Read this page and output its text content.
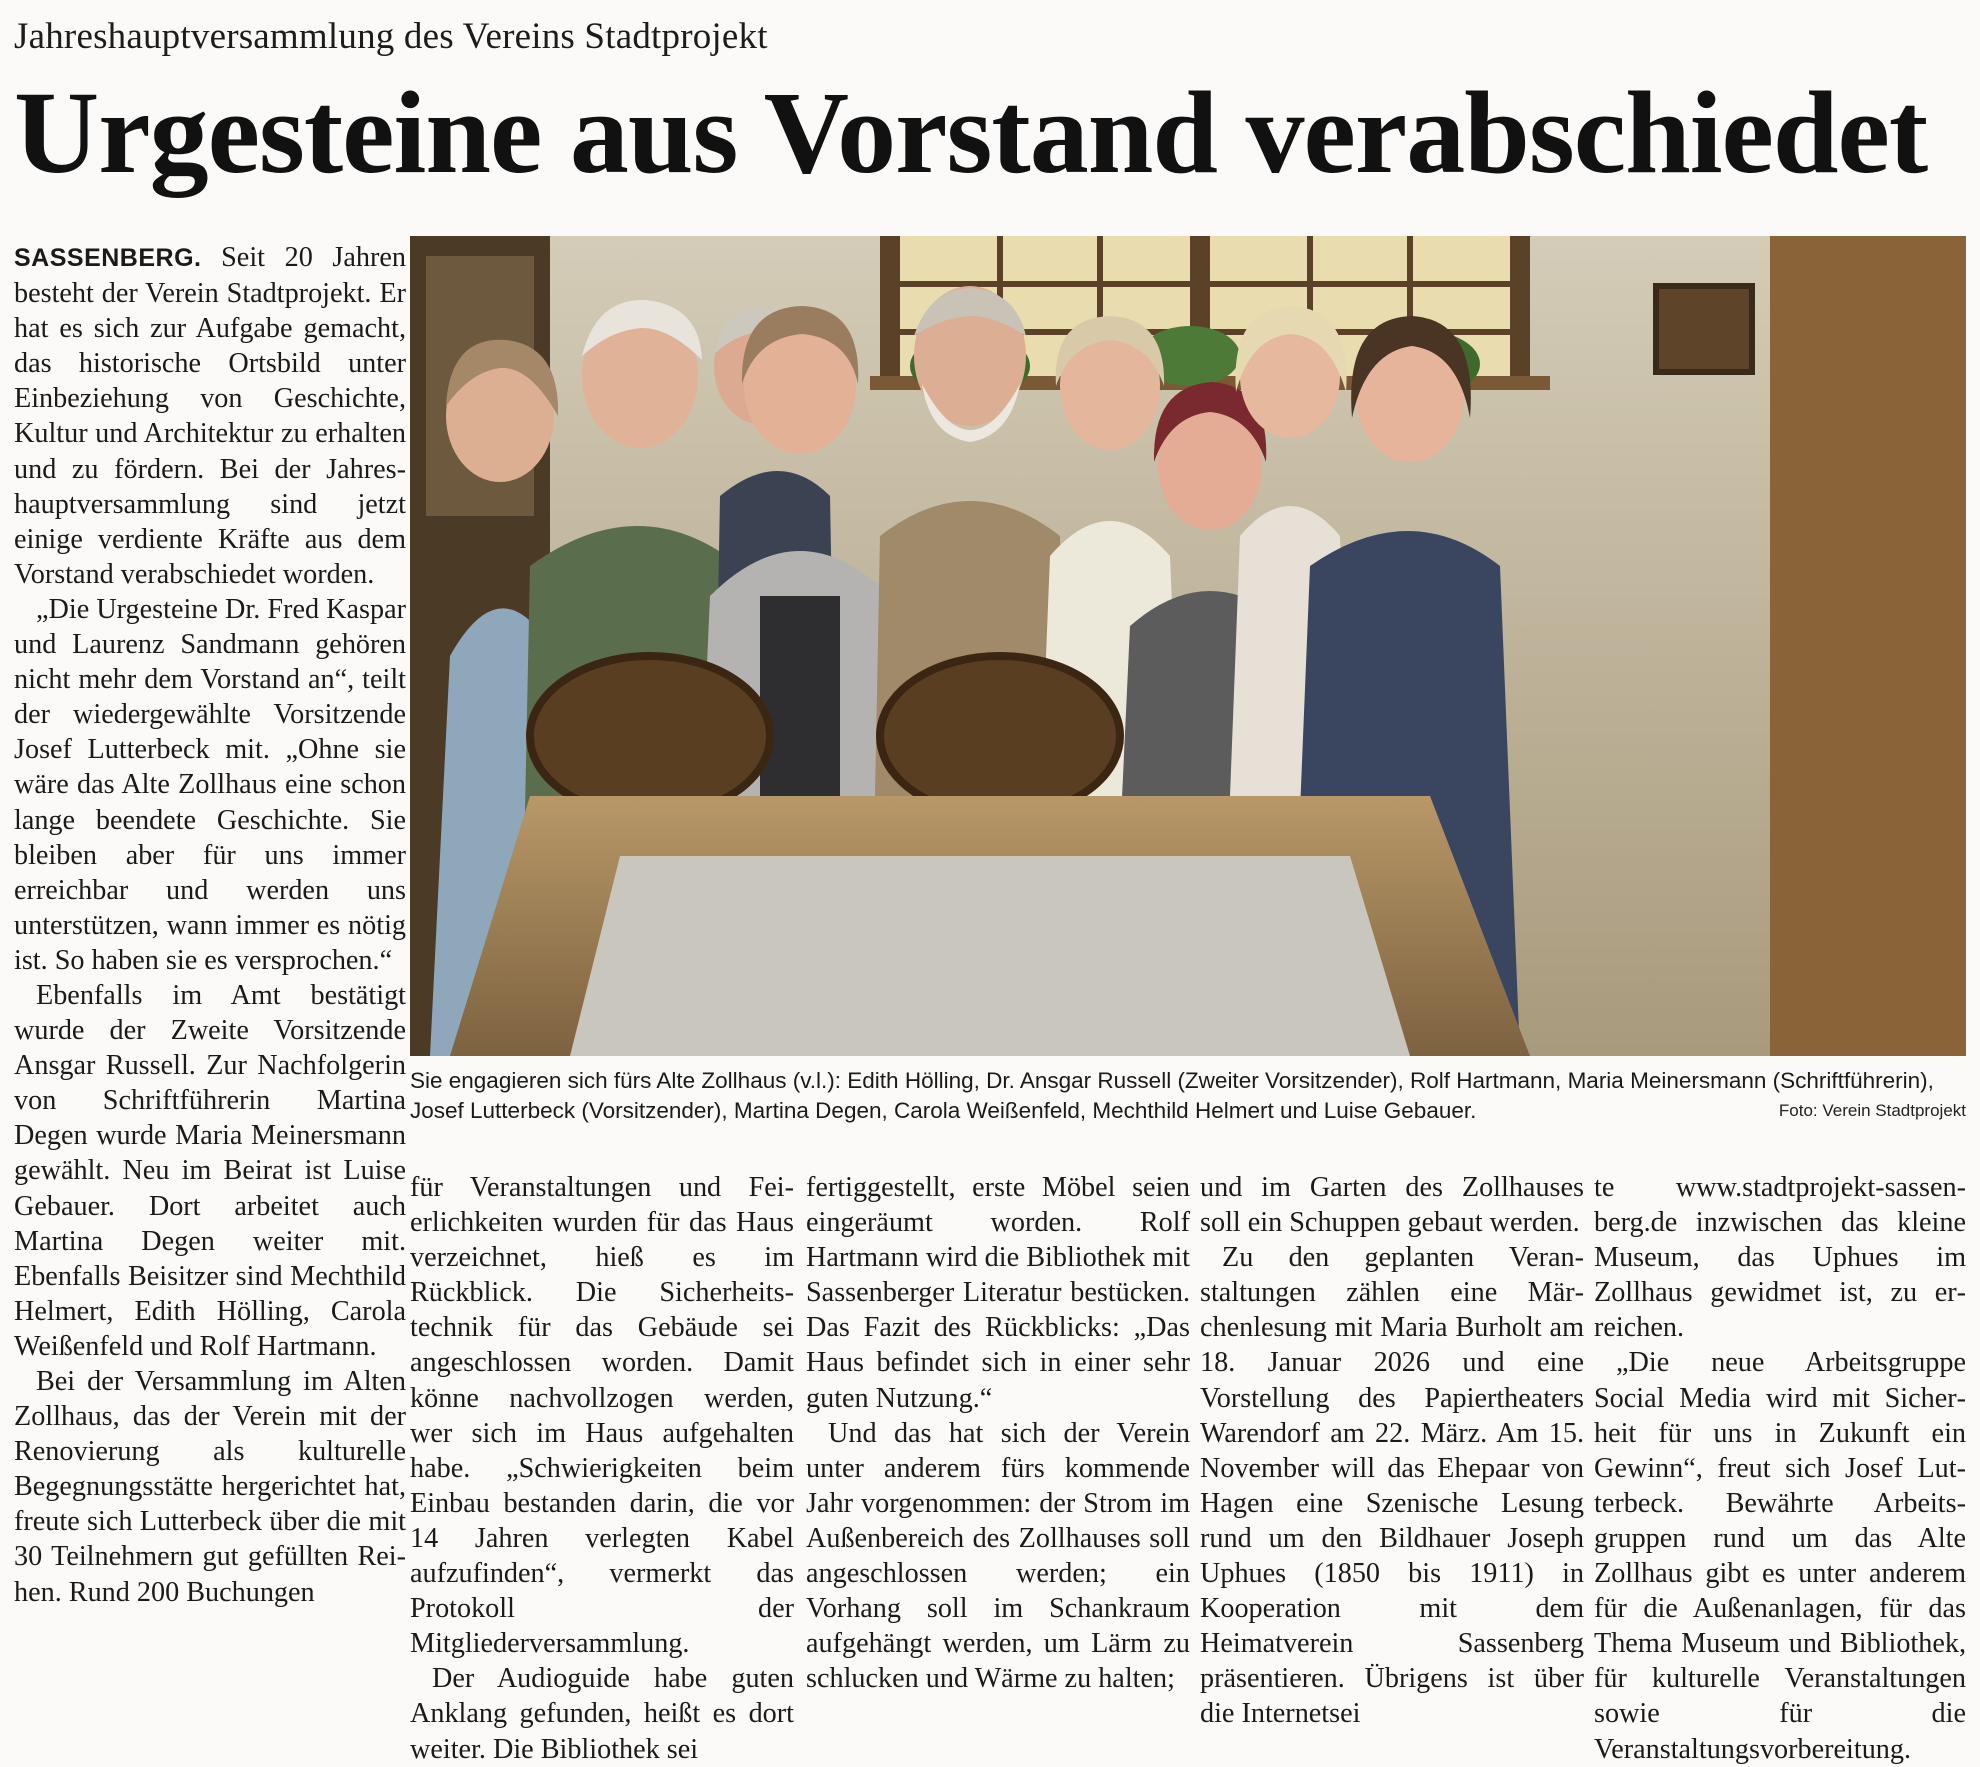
Jahreshauptversammlung des Vereins Stadtprojekt
Urgesteine aus Vorstand verabschiedet

SASSENBERG. Seit 20 Jahren besteht der Verein Stadtprojekt. Er hat es sich zur Aufgabe gemacht, das historische Ortsbild unter Einbeziehung von Geschichte, Kultur und Architektur zu erhalten und zu fördern. Bei der Jahreshauptversammlung sind jetzt einige verdiente Kräfte aus dem Vorstand verabschiedet worden.

„Die Urgesteine Dr. Fred Kaspar und Laurenz Sandmann gehören nicht mehr dem Vorstand an“, teilt der wiedergewählte Vorsitzende Josef Lutterbeck mit. „Ohne sie wäre das Alte Zollhaus eine schon lange beendete Geschichte. Sie bleiben aber für uns immer erreichbar und werden uns unterstützen, wann immer es nötig ist. So haben sie es versprochen.“

Ebenfalls im Amt bestätigt wurde der Zweite Vorsitzende Ansgar Russell. Zur Nachfolgerin von Schriftführerin Martina Degen wurde Maria Meinersmann gewählt. Neu im Beirat ist Luise Gebauer. Dort arbeitet auch Martina Degen weiter mit. Ebenfalls Beisitzer sind Mechthild Helmert, Edith Hölling, Carola Weißenfeld und Rolf Hartmann.

Bei der Versammlung im Alten Zollhaus, das der Verein mit der Renovierung als kulturelle Begegnungsstätte hergerichtet hat, freute sich Lutterbeck über die mit 30 Teilnehmern gut gefüllten Reihen. Rund 200 Buchungen

Sie engagieren sich fürs Alte Zollhaus (v.l.): Edith Hölling, Dr. Ansgar Russell (Zweiter Vorsitzender), Rolf Hartmann, Maria Meinersmann (Schriftführerin), Josef Lutterbeck (Vorsitzender), Martina Degen, Carola Weißenfeld, Mechthild Helmert und Luise Gebauer.	Foto: Verein Stadtprojekt

für Veranstaltungen und Feierlichkeiten wurden für das Haus verzeichnet, hieß es im Rückblick. Die Sicherheitstechnik für das Gebäude sei angeschlossen worden. Damit könne nachvollzogen werden, wer sich im Haus aufgehalten habe. „Schwierigkeiten beim Einbau bestanden darin, die vor 14 Jahren verlegten Kabel aufzufinden“, vermerkt das Protokoll der Mitgliederversammlung.

Der Audioguide habe guten Anklang gefunden, heißt es dort weiter. Die Bibliothek sei

fertiggestellt, erste Möbel seien eingeräumt worden. Rolf Hartmann wird die Bibliothek mit Sassenberger Literatur bestücken. Das Fazit des Rückblicks: „Das Haus befindet sich in einer sehr guten Nutzung.“

Und das hat sich der Verein unter anderem fürs kommende Jahr vorgenommen: der Strom im Außenbereich des Zollhauses soll angeschlossen werden; ein Vorhang soll im Schankraum aufgehängt werden, um Lärm zu schlucken und Wärme zu halten;

und im Garten des Zollhauses soll ein Schuppen gebaut werden.

Zu den geplanten Veranstaltungen zählen eine Märchenlesung mit Maria Burholt am 18. Januar 2026 und eine Vorstellung des Papiertheaters Warendorf am 22. März. Am 15. November will das Ehepaar von Hagen eine Szenische Lesung rund um den Bildhauer Joseph Uphues (1850 bis 1911) in Kooperation mit dem Heimatverein Sassenberg präsentieren. Übrigens ist über die Internetsei

te www.stadtprojekt-sassenberg.de inzwischen das kleine Museum, das Uphues im Zollhaus gewidmet ist, zu erreichen.

„Die neue Arbeitsgruppe Social Media wird mit Sicherheit für uns in Zukunft ein Gewinn“, freut sich Josef Lutterbeck. Bewährte Arbeitsgruppen rund um das Alte Zollhaus gibt es unter anderem für die Außenanlagen, für das Thema Museum und Bibliothek, für kulturelle Veranstaltungen sowie für die Veranstaltungsvorbereitung.
